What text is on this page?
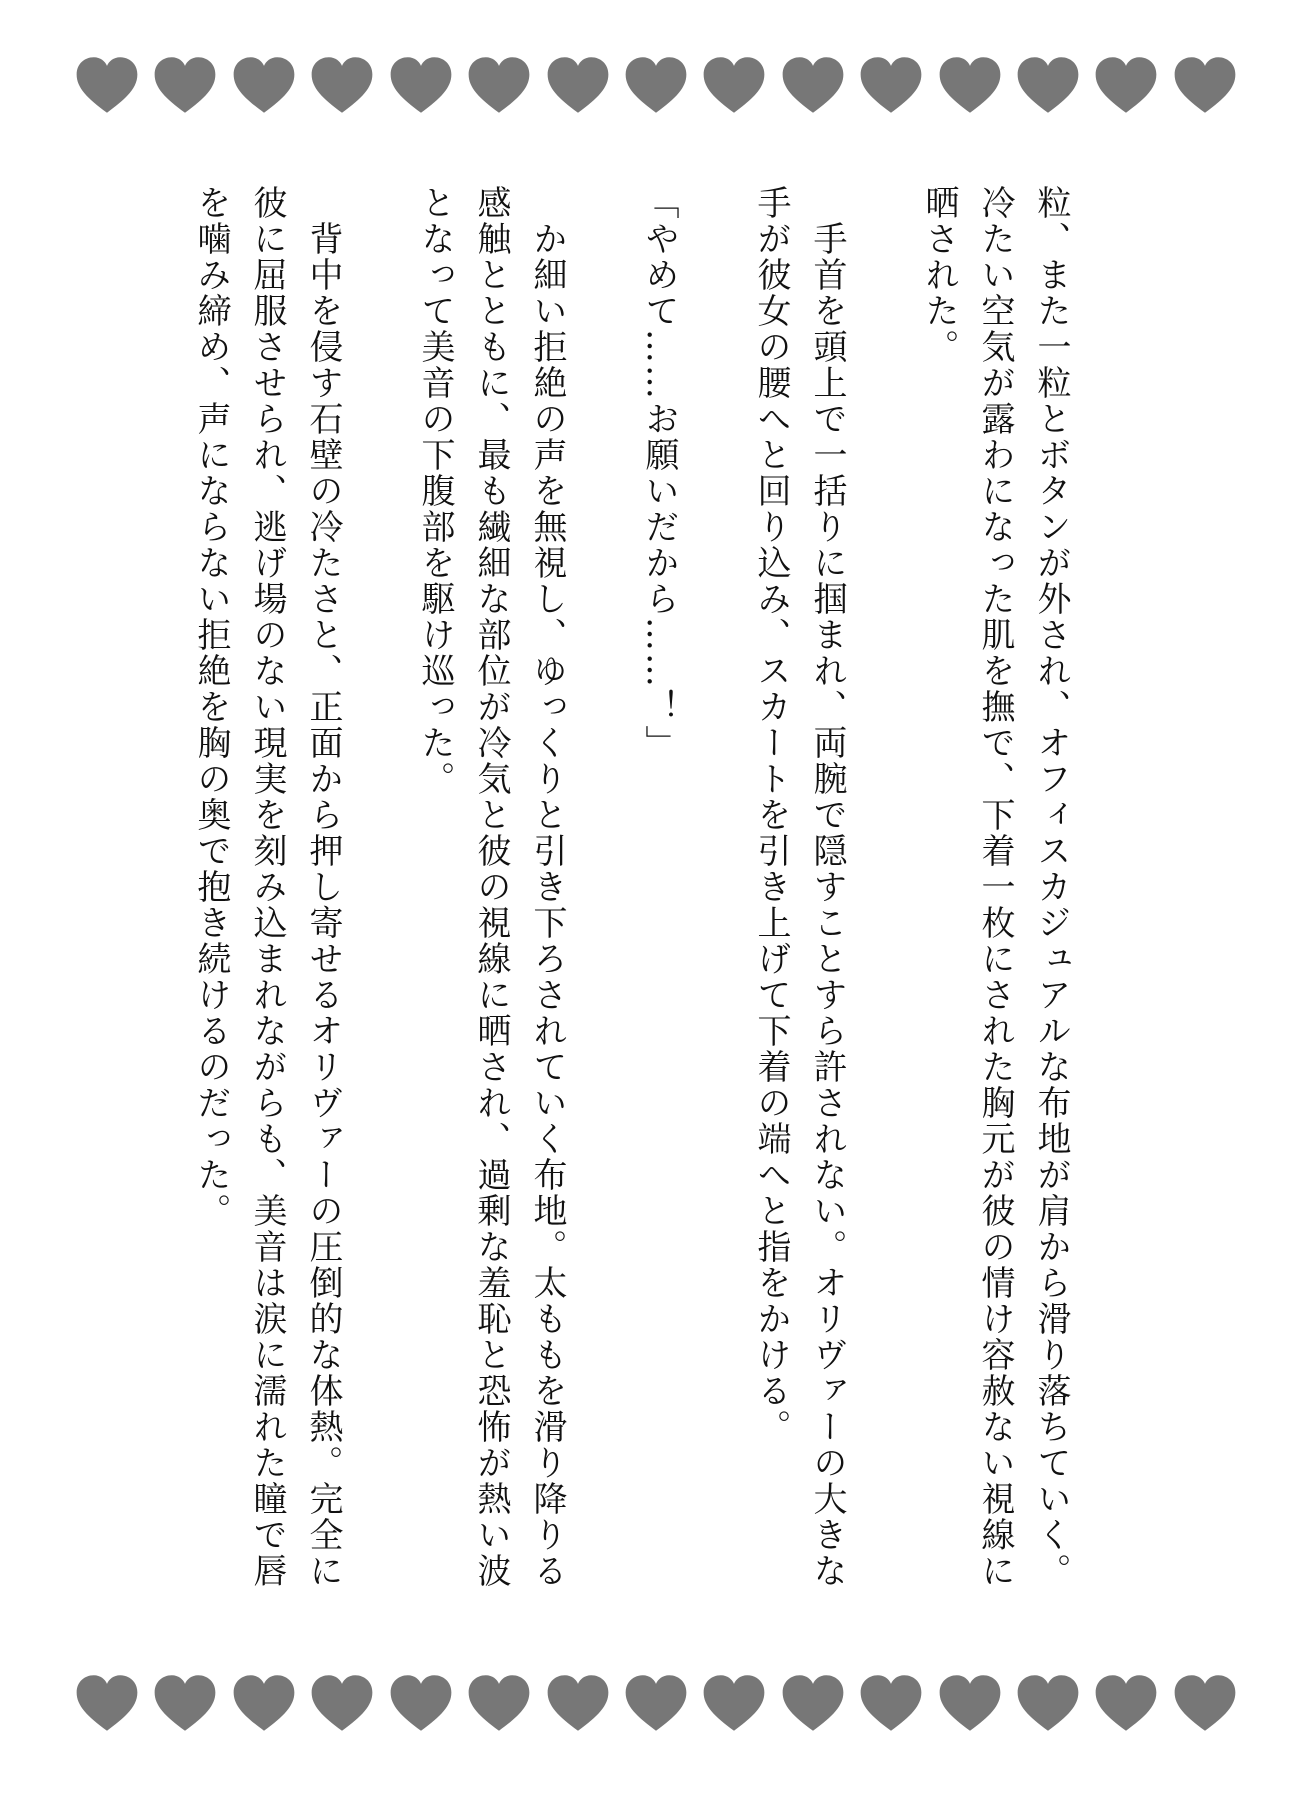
粒、また一粒とボタンが外され、オフィスカジュアルな布地が肩から滑り落ちていく。冷たい空気が露わになった肌を撫で、下着一枚にされた胸元が彼の情け容赦ない視線に晒された。

　手首を頭上で一括りに掴まれ、両腕で隠すことすら許されない。オリヴァーの大きな手が彼女の腰へと回り込み、スカートを引き上げて下着の端へと指をかける。

「やめて……お願いだから……！」

　か細い拒絶の声を無視し、ゆっくりと引き下ろされていく布地。太ももを滑り降りる感触とともに、最も繊細な部位が冷気と彼の視線に晒され、過剰な羞恥と恐怖が熱い波となって美音の下腹部を駆け巡った。

　背中を侵す石壁の冷たさと、正面から押し寄せるオリヴァーの圧倒的な体熱。完全に彼に屈服させられ、逃げ場のない現実を刻み込まれながらも、美音は涙に濡れた瞳で唇を噛み締め、声にならない拒絶を胸の奥で抱き続けるのだった。
